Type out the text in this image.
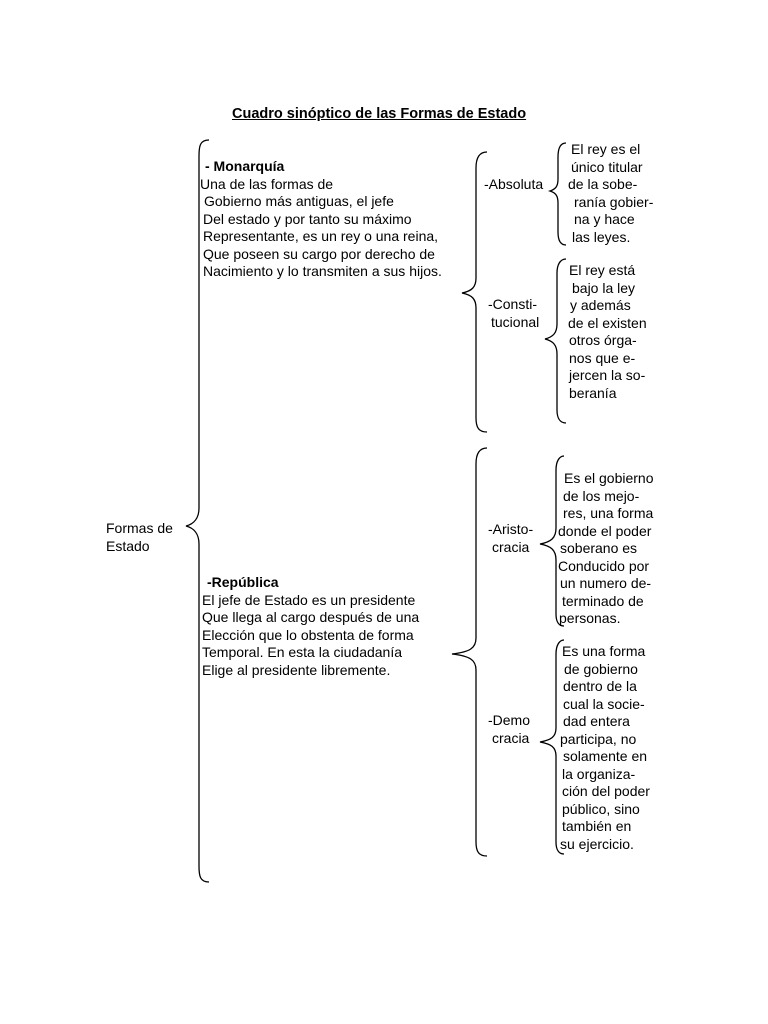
Cuadro sinóptico de las Formas de Estado
Formas de
Estado
- Monarquía
Una de las formas de
Gobierno más antiguas, el jefe
Del estado y por tanto su máximo
Representante, es un rey o una reina,
Que poseen su cargo por derecho de
Nacimiento y lo transmiten a sus hijos.
-Absoluta
El rey es el
único titular
de la sobe-
ranía gobier-
na y hace
las leyes.
-Consti-
tucional
El rey está
bajo la ley
y además
de el existen
otros órga-
nos que e-
jercen la so-
beranía
-República
El jefe de Estado es un presidente
Que llega al cargo después de una
Elección que lo obstenta de forma
Temporal. En esta la ciudadanía
Elige al presidente libremente.
-Aristo-
cracia
Es el gobierno
de los mejo-
res, una forma
donde el poder
soberano es
Conducido por
un numero de-
terminado de
personas.
-Demo
cracia
Es una forma
de gobierno
dentro de la
cual la socie-
dad entera
participa, no
solamente en
la organiza-
ción del poder
público, sino
también en
su ejercicio.
